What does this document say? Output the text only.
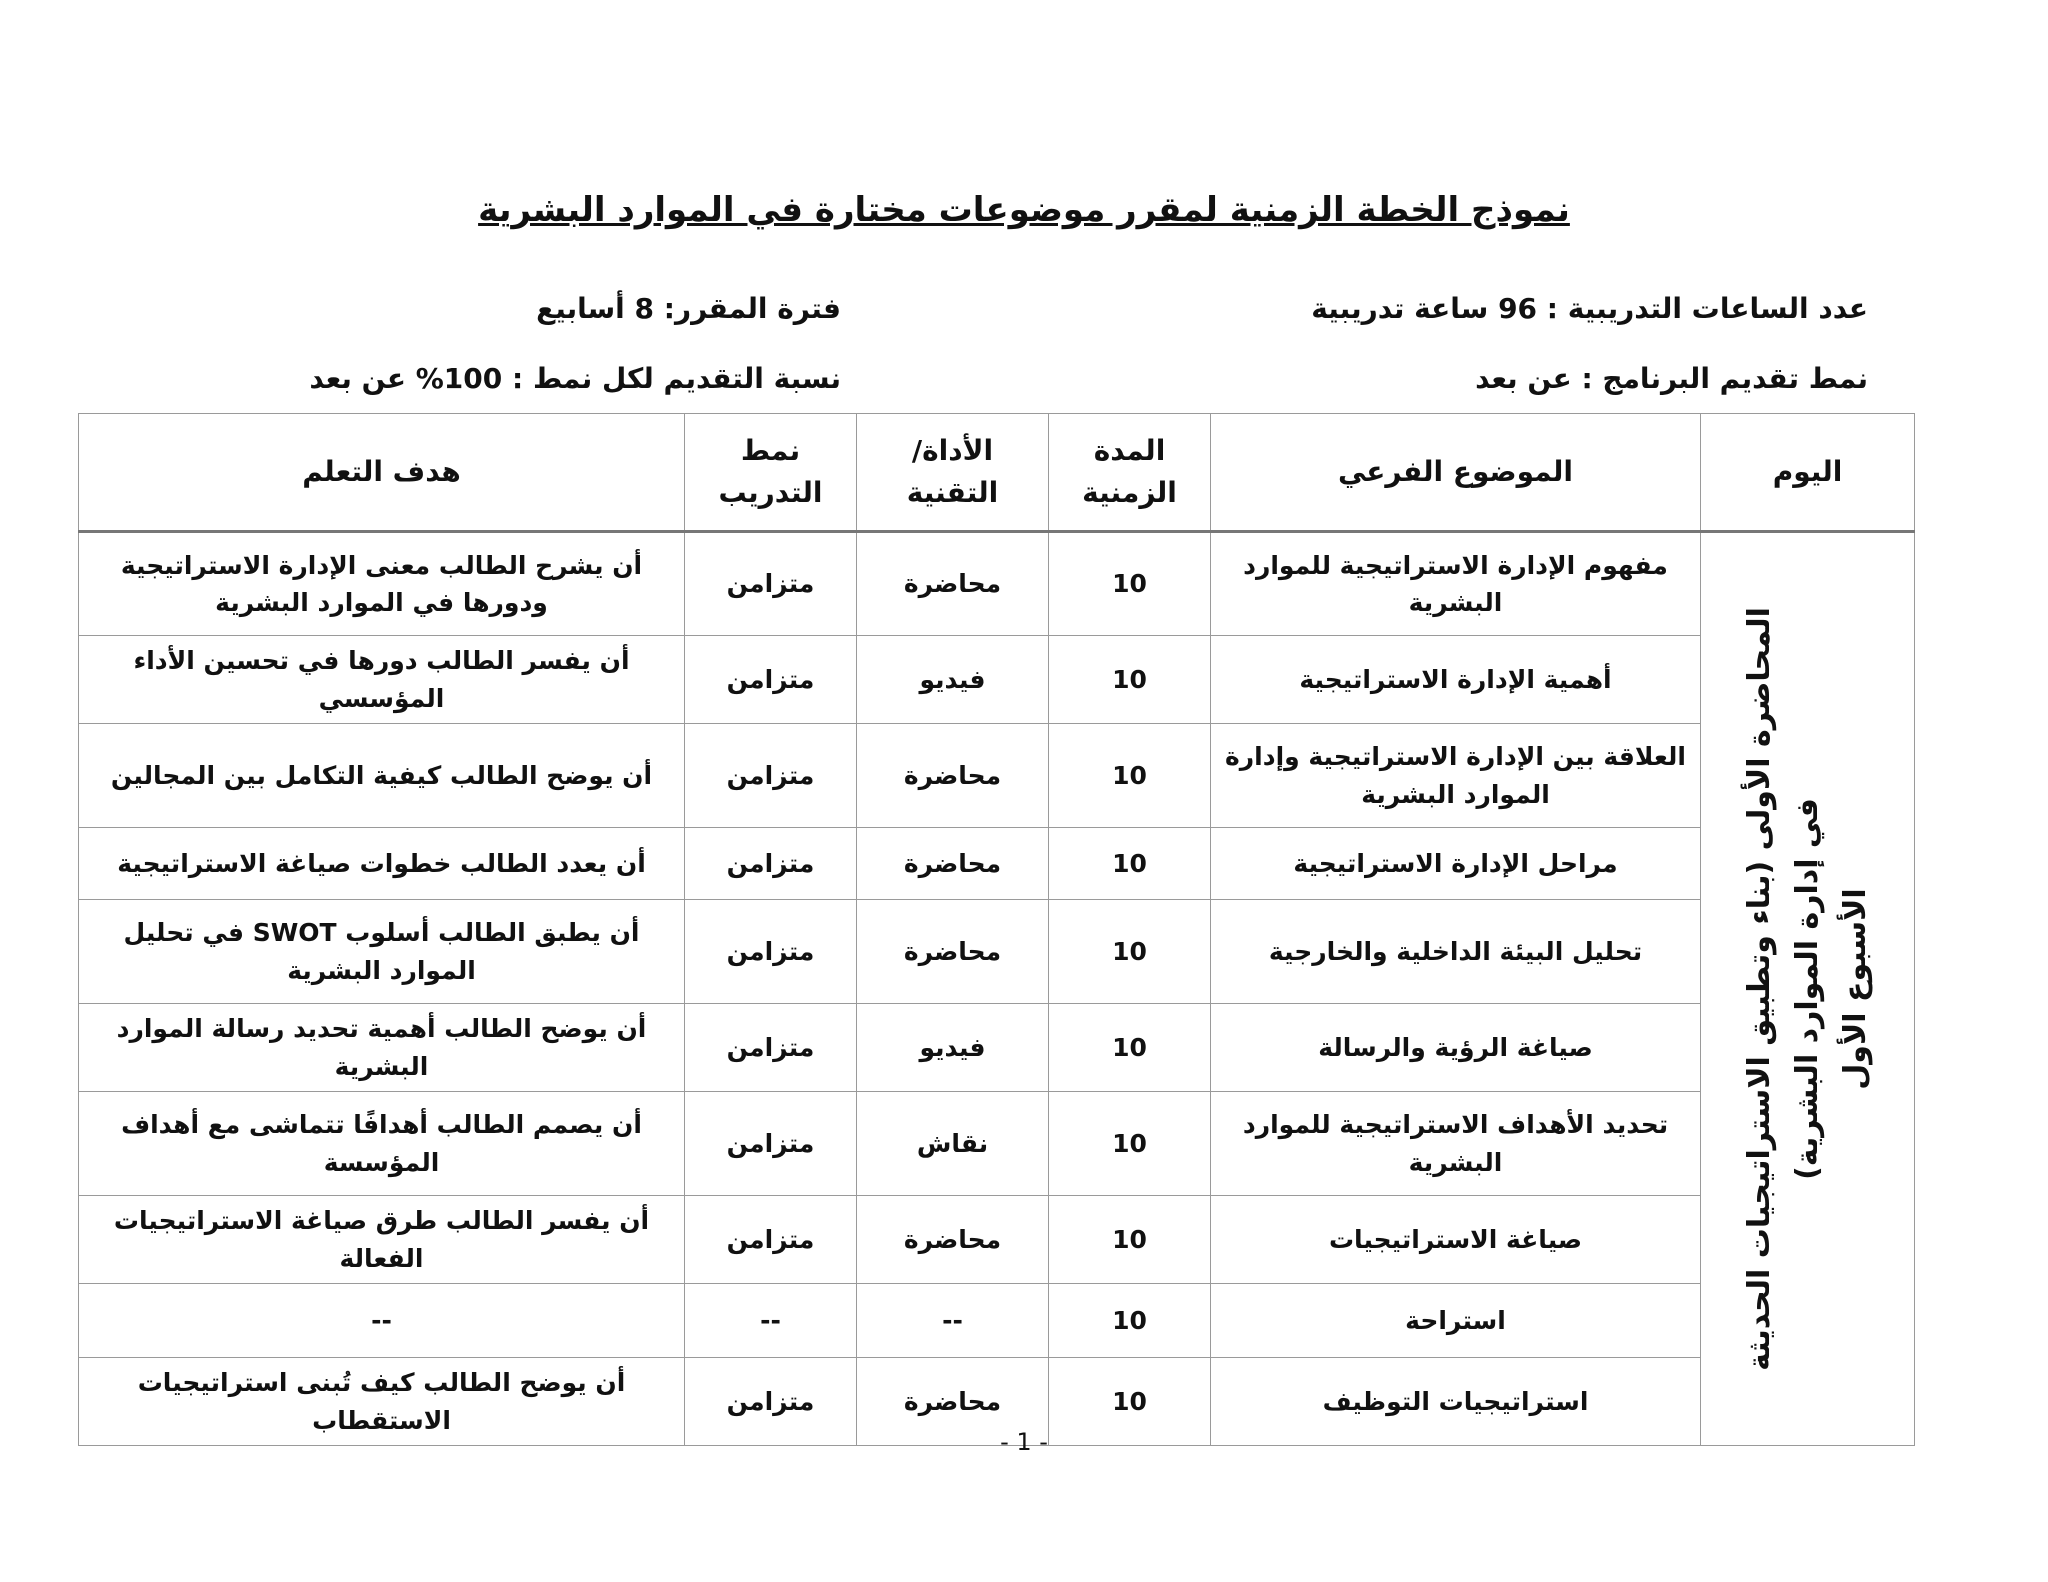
نموذج الخطة الزمنية لمقرر موضوعات مختارة في الموارد البشرية
عدد الساعات التدريبية : 96 ساعة تدريبية
فترة المقرر: 8 أسابيع
نمط تقديم البرنامج : عن بعد
نسبة التقديم لكل نمط : 100% عن بعد
اليوم	الموضوع الفرعي	المدة الزمنية	الأداة/التقنية	نمط التدريب	هدف التعلم

المحاضرة الأولى (بناء وتطبيق الاستراتيجيات الحديثة في إدارة الموارد البشرية) الأسبوع الأول	مفهوم الإدارة الاستراتيجية للموارد البشرية	10	محاضرة	متزامن	أن يشرح الطالب معنى الإدارة الاستراتيجية ودورها في الموارد البشرية
	أهمية الإدارة الاستراتيجية	10	فيديو	متزامن	أن يفسر الطالب دورها في تحسين الأداء المؤسسي
	العلاقة بين الإدارة الاستراتيجية وإدارة الموارد البشرية	10	محاضرة	متزامن	أن يوضح الطالب كيفية التكامل بين المجالين
	مراحل الإدارة الاستراتيجية	10	محاضرة	متزامن	أن يعدد الطالب خطوات صياغة الاستراتيجية
	تحليل البيئة الداخلية والخارجية	10	محاضرة	متزامن	أن يطبق الطالب أسلوب SWOT في تحليل الموارد البشرية
	صياغة الرؤية والرسالة	10	فيديو	متزامن	أن يوضح الطالب أهمية تحديد رسالة الموارد البشرية
	تحديد الأهداف الاستراتيجية للموارد البشرية	10	نقاش	متزامن	أن يصمم الطالب أهدافًا تتماشى مع أهداف المؤسسة
	صياغة الاستراتيجيات	10	محاضرة	متزامن	أن يفسر الطالب طرق صياغة الاستراتيجيات الفعالة
	استراحة	10	--	--	--
	استراتيجيات التوظيف	10	محاضرة	متزامن	أن يوضح الطالب كيف تُبنى استراتيجيات الاستقطاب
- 1 -
